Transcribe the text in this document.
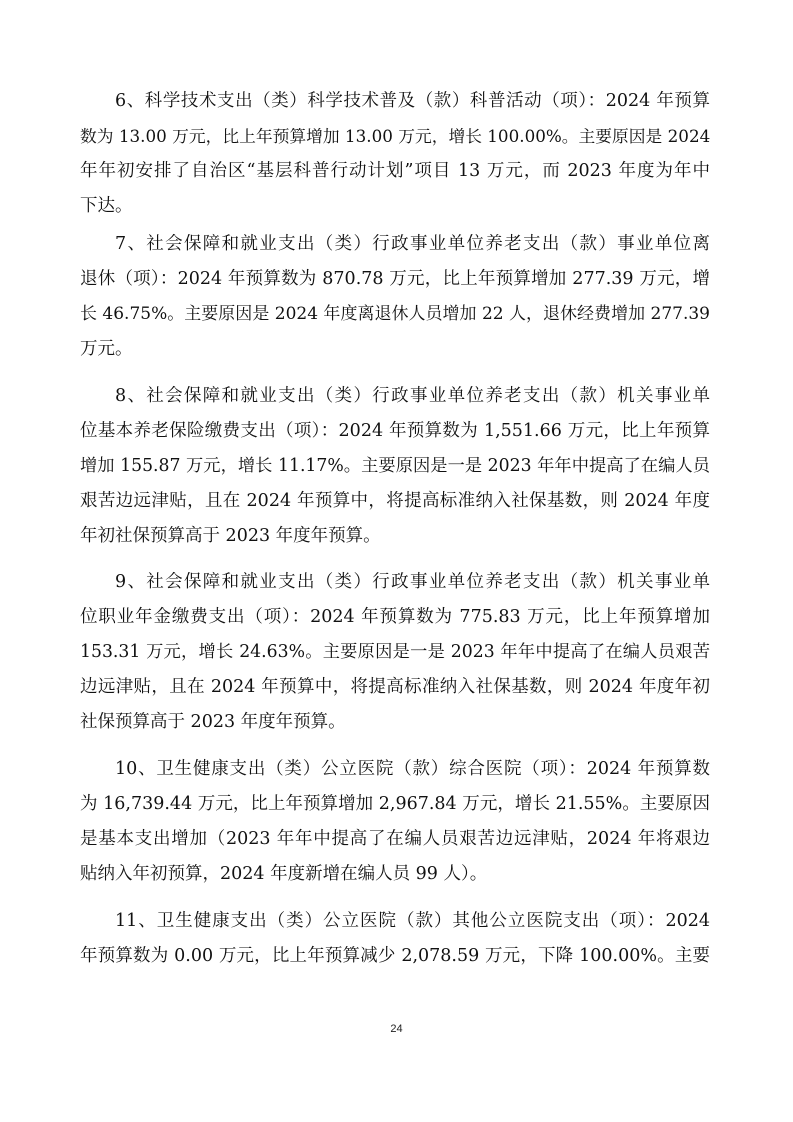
6、科学技术支出（类）科学技术普及（款）科普活动（项）：2024 年预算
数为 13.00 万元，比上年预算增加 13.00 万元，增长 100.00%。主要原因是 2024
年年初安排了自治区“基层科普行动计划”项目 13 万元，而 2023 年度为年中
下达。
7、社会保障和就业支出（类）行政事业单位养老支出（款）事业单位离
退休（项）：2024 年预算数为 870.78 万元，比上年预算增加 277.39 万元，增
长 46.75%。主要原因是 2024 年度离退休人员增加 22 人，退休经费增加 277.39
万元。
8、社会保障和就业支出（类）行政事业单位养老支出（款）机关事业单
位基本养老保险缴费支出（项）：2024 年预算数为 1,551.66 万元，比上年预算
增加 155.87 万元，增长 11.17%。主要原因是一是 2023 年年中提高了在编人员
艰苦边远津贴，且在 2024 年预算中，将提高标准纳入社保基数，则 2024 年度
年初社保预算高于 2023 年度年预算。
9、社会保障和就业支出（类）行政事业单位养老支出（款）机关事业单
位职业年金缴费支出（项）：2024 年预算数为 775.83 万元，比上年预算增加
153.31 万元，增长 24.63%。主要原因是一是 2023 年年中提高了在编人员艰苦
边远津贴，且在 2024 年预算中，将提高标准纳入社保基数，则 2024 年度年初
社保预算高于 2023 年度年预算。
10、卫生健康支出（类）公立医院（款）综合医院（项）：2024 年预算数
为 16,739.44 万元，比上年预算增加 2,967.84 万元，增长 21.55%。主要原因
是基本支出增加（2023 年年中提高了在编人员艰苦边远津贴，2024 年将艰边
贴纳入年初预算，2024 年度新增在编人员 99 人）。
11、卫生健康支出（类）公立医院（款）其他公立医院支出（项）：2024
年预算数为 0.00 万元，比上年预算减少 2,078.59 万元，下降 100.00%。主要
24
